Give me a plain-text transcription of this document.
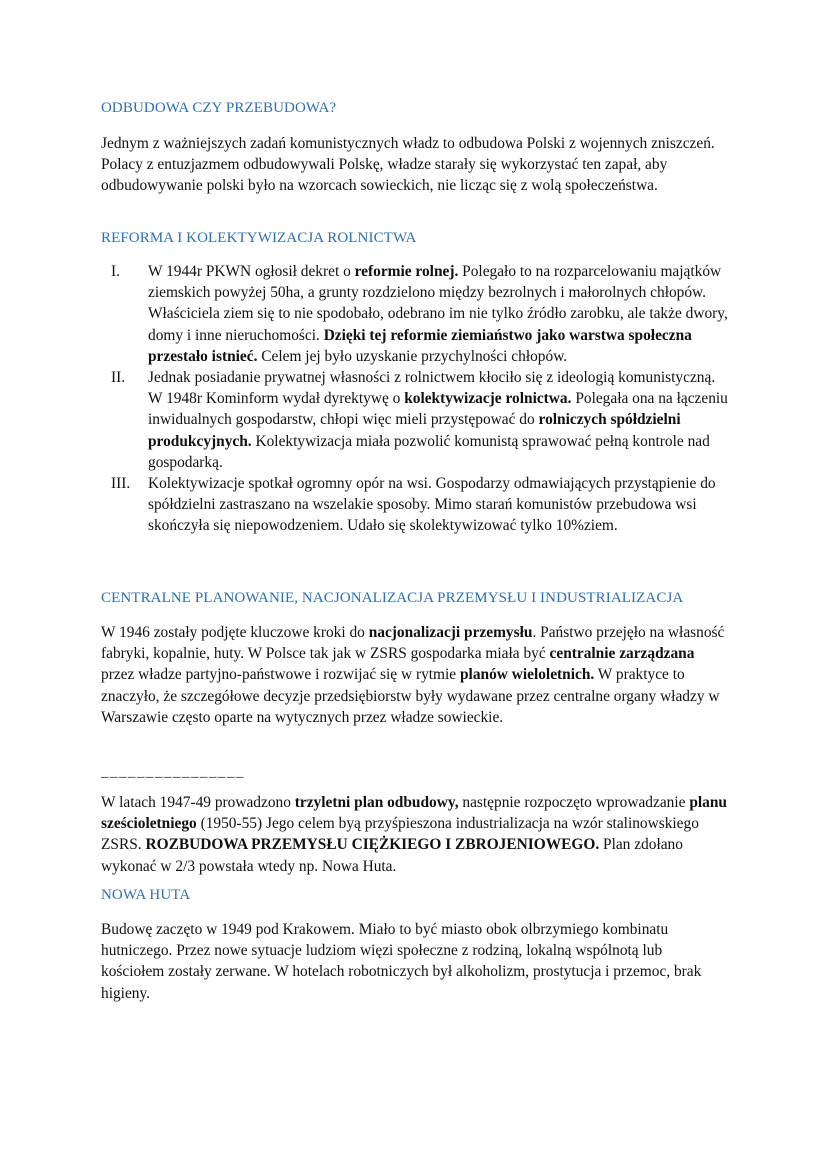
ODBUDOWA CZY PRZEBUDOWA?
Jednym z ważniejszych zadań komunistycznych władz to odbudowa Polski z wojennych zniszczeń. Polacy z entuzjazmem odbudowywali Polskę, władze starały się wykorzystać ten zapał, aby odbudowywanie polski było na wzorcach sowieckich, nie licząc się z wolą społeczeństwa.
REFORMA I KOLEKTYWIZACJA ROLNICTWA
I.	W 1944r PKWN ogłosił dekret o reformie rolnej. Polegało to na rozparcelowaniu majątków ziemskich powyżej 50ha, a grunty rozdzielono między bezrolnych i małorolnych chłopów. Właściciela ziem się to nie spodobało, odebrano im nie tylko źródło zarobku, ale także dwory, domy i inne nieruchomości. Dzięki tej reformie ziemiaństwo jako warstwa społeczna przestało istnieć. Celem jej było uzyskanie przychylności chłopów.
II.	Jednak posiadanie prywatnej własności z rolnictwem kłociło się z ideologią komunistyczną. W 1948r Kominform wydał dyrektywę o kolektywizacje rolnictwa. Polegała ona na łączeniu inwidualnych gospodarstw, chłopi więc mieli przystępować do rolniczych spółdzielni produkcyjnych. Kolektywizacja miała pozwolić komunistą sprawować pełną kontrole nad gospodarką.
III.	Kolektywizacje spotkał ogromny opór na wsi. Gospodarzy odmawiających przystąpienie do spółdzielni zastraszano na wszelakie sposoby. Mimo starań komunistów przebudowa wsi skończyła się niepowodzeniem. Udało się skolektywizować tylko 10%ziem.
CENTRALNE PLANOWANIE, NACJONALIZACJA PRZEMYSŁU I INDUSTRIALIZACJA
W 1946 zostały podjęte kluczowe kroki do nacjonalizacji przemysłu. Państwo przejęło na własność fabryki, kopalnie, huty. W Polsce tak jak w ZSRS gospodarka miała być centralnie zarządzana przez władze partyjno-państwowe i rozwijać się w rytmie planów wieloletnich. W praktyce to znaczyło, że szczegółowe decyzje przedsiębiorstw były wydawane przez centralne organy władzy w Warszawie często oparte na wytycznych przez władze sowieckie.
________________
W latach 1947-49 prowadzono trzyletni plan odbudowy, następnie rozpoczęto wprowadzanie planu sześcioletniego (1950-55) Jego celem byą przyśpieszona industrializacja na wzór stalinowskiego ZSRS. ROZBUDOWA PRZEMYSŁU CIĘŻKIEGO I ZBROJENIOWEGO. Plan zdołano wykonać w 2/3 powstała wtedy np. Nowa Huta.
NOWA HUTA
Budowę zaczęto w 1949 pod Krakowem. Miało to być miasto obok olbrzymiego kombinatu hutniczego. Przez nowe sytuacje ludziom więzi społeczne z rodziną, lokalną wspólnotą lub kościołem zostały zerwane. W hotelach robotniczych był alkoholizm, prostytucja i przemoc, brak higieny.
